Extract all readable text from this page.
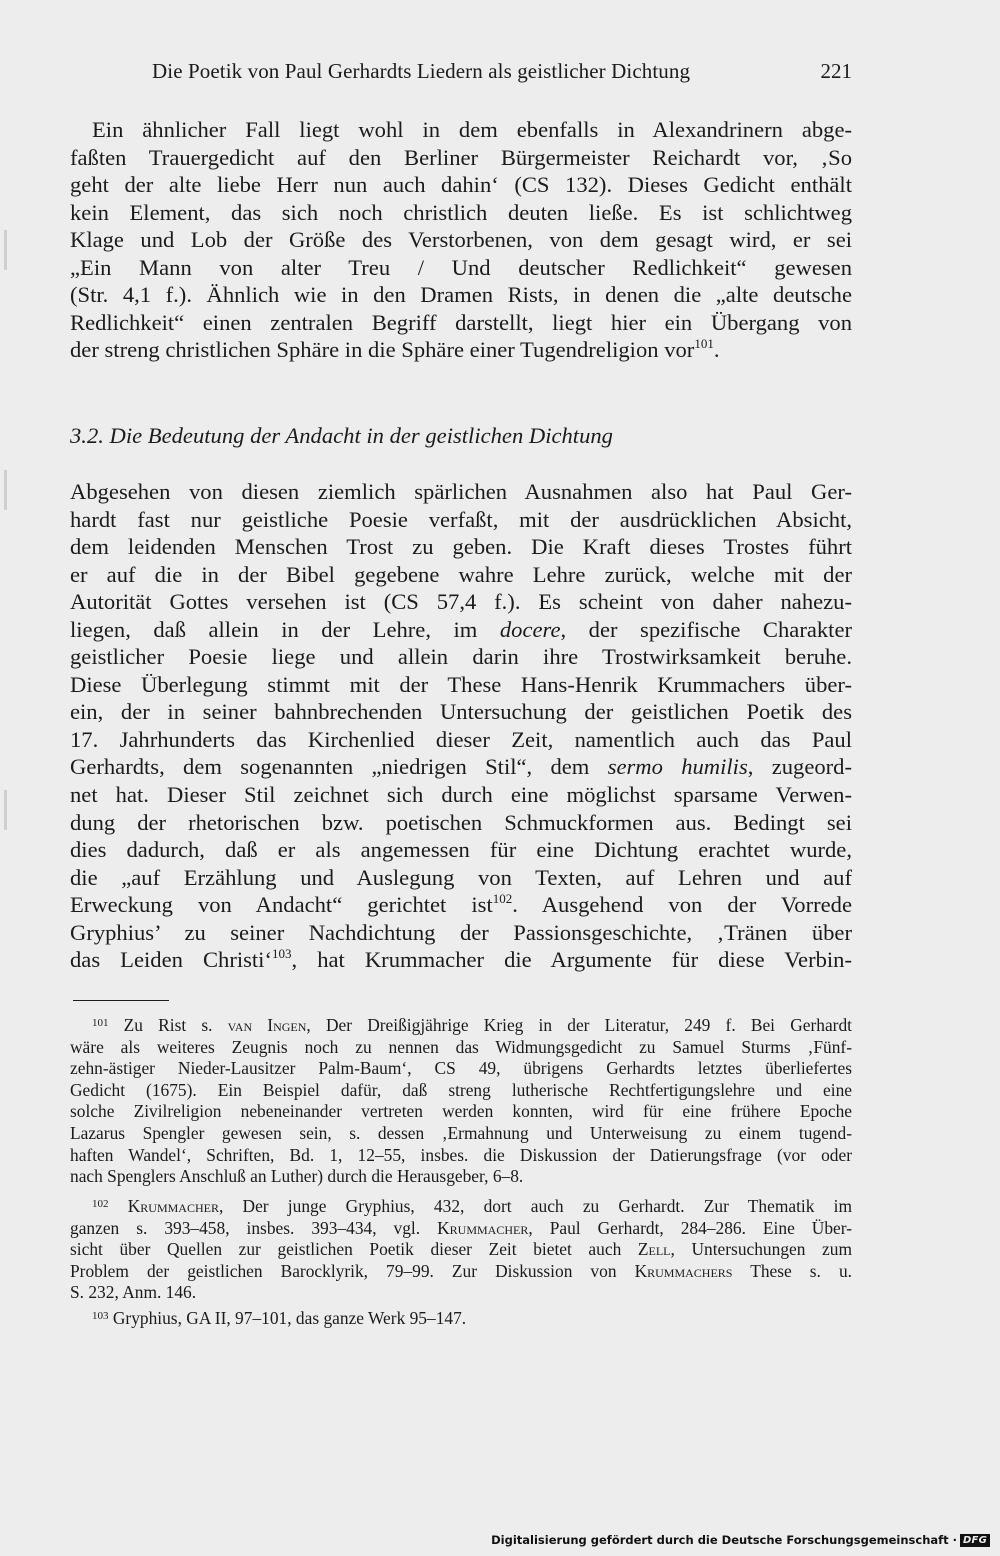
Die Poetik von Paul Gerhardts Liedern als geistlicher Dichtung	221
Ein ähnlicher Fall liegt wohl in dem ebenfalls in Alexandrinern abge-
faßten Trauergedicht auf den Berliner Bürgermeister Reichardt vor, ‚So
geht der alte liebe Herr nun auch dahin‘ (CS 132). Dieses Gedicht enthält
kein Element, das sich noch christlich deuten ließe. Es ist schlichtweg
Klage und Lob der Größe des Verstorbenen, von dem gesagt wird, er sei
„Ein Mann von alter Treu / Und deutscher Redlichkeit“ gewesen
(Str. 4,1 f.). Ähnlich wie in den Dramen Rists, in denen die „alte deutsche
Redlichkeit“ einen zentralen Begriff darstellt, liegt hier ein Übergang von
der streng christlichen Sphäre in die Sphäre einer Tugendreligion vor$^{101}$.
3.2. Die Bedeutung der Andacht in der geistlichen Dichtung
Abgesehen von diesen ziemlich spärlichen Ausnahmen also hat Paul Ger-
hardt fast nur geistliche Poesie verfaßt, mit der ausdrücklichen Absicht,
dem leidenden Menschen Trost zu geben. Die Kraft dieses Trostes führt
er auf die in der Bibel gegebene wahre Lehre zurück, welche mit der
Autorität Gottes versehen ist (CS 57,4 f.). Es scheint von daher nahezu-
liegen, daß allein in der Lehre, im docere, der spezifische Charakter
geistlicher Poesie liege und allein darin ihre Trostwirksamkeit beruhe.
Diese Überlegung stimmt mit der These Hans-Henrik Krummachers über-
ein, der in seiner bahnbrechenden Untersuchung der geistlichen Poetik des
17. Jahrhunderts das Kirchenlied dieser Zeit, namentlich auch das Paul
Gerhardts, dem sogenannten „niedrigen Stil“, dem sermo humilis, zugeord-
net hat. Dieser Stil zeichnet sich durch eine möglichst sparsame Verwen-
dung der rhetorischen bzw. poetischen Schmuckformen aus. Bedingt sei
dies dadurch, daß er als angemessen für eine Dichtung erachtet wurde,
die „auf Erzählung und Auslegung von Texten, auf Lehren und auf
Erweckung von Andacht“ gerichtet ist$^{102}$. Ausgehend von der Vorrede
Gryphius’ zu seiner Nachdichtung der Passionsgeschichte, ‚Tränen über
das Leiden Christi‘$^{103}$, hat Krummacher die Argumente für diese Verbin-
$^{101}$ Zu Rist s. van Ingen, Der Dreißigjährige Krieg in der Literatur, 249 f. Bei Gerhardt
wäre als weiteres Zeugnis noch zu nennen das Widmungsgedicht zu Samuel Sturms ‚Fünf-
zehn-ästiger Nieder-Lausitzer Palm-Baum‘, CS 49, übrigens Gerhardts letztes überliefertes
Gedicht (1675). Ein Beispiel dafür, daß streng lutherische Rechtfertigungslehre und eine
solche Zivilreligion nebeneinander vertreten werden konnten, wird für eine frühere Epoche
Lazarus Spengler gewesen sein, s. dessen ‚Ermahnung und Unterweisung zu einem tugend-
haften Wandel‘, Schriften, Bd. 1, 12–55, insbes. die Diskussion der Datierungsfrage (vor oder
nach Spenglers Anschluß an Luther) durch die Herausgeber, 6–8.
$^{102}$ Krummacher, Der junge Gryphius, 432, dort auch zu Gerhardt. Zur Thematik im
ganzen s. 393–458, insbes. 393–434, vgl. Krummacher, Paul Gerhardt, 284–286. Eine Über-
sicht über Quellen zur geistlichen Poetik dieser Zeit bietet auch Zell, Untersuchungen zum
Problem der geistlichen Barocklyrik, 79–99. Zur Diskussion von Krummachers These s. u.
S. 232, Anm. 146.
$^{103}$ Gryphius, GA II, 97–101, das ganze Werk 95–147.
Digitalisierung gefördert durch die Deutsche Forschungsgemeinschaft · DFG
